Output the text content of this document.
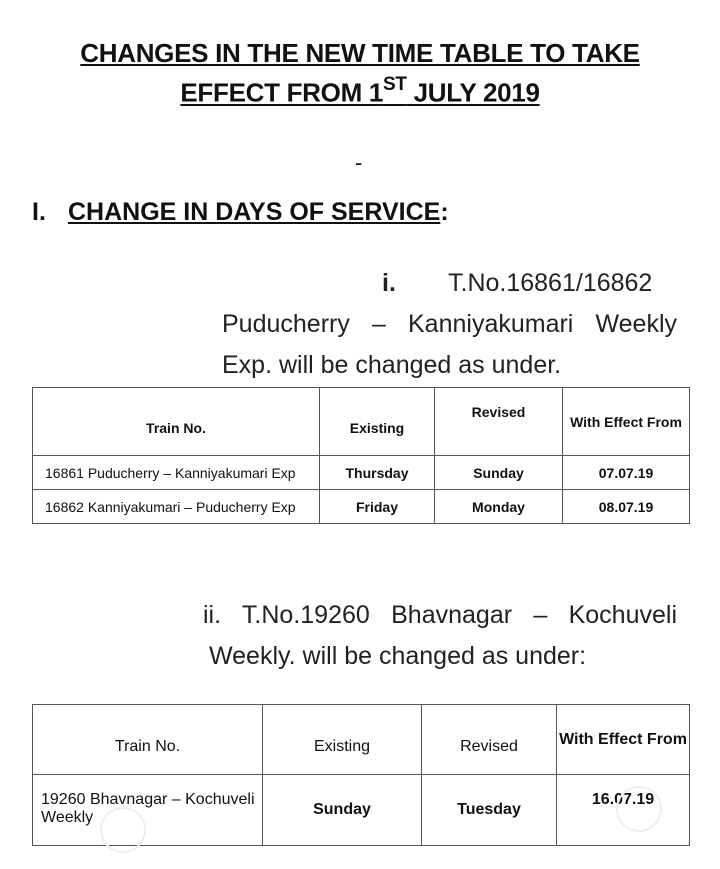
CHANGES IN THE NEW TIME TABLE TO TAKE
EFFECT FROM 1ST JULY 2019
-
I. CHANGE IN DAYS OF SERVICE:
i. T.No.16861/16862
Puducherry – Kanniyakumari Weekly
Exp. will be changed as under.
Train No.	Existing	Revised	With Effect From
16861 Puducherry – Kanniyakumari Exp	Thursday	Sunday	07.07.19
16862 Kanniyakumari – Puducherry Exp	Friday	Monday	08.07.19
ii. T.No.19260 Bhavnagar – Kochuveli
Weekly. will be changed as under:
Train No.	Existing	Revised	With Effect From
19260 Bhavnagar – Kochuveli Weekly	Sunday	Tuesday	16.07.19
